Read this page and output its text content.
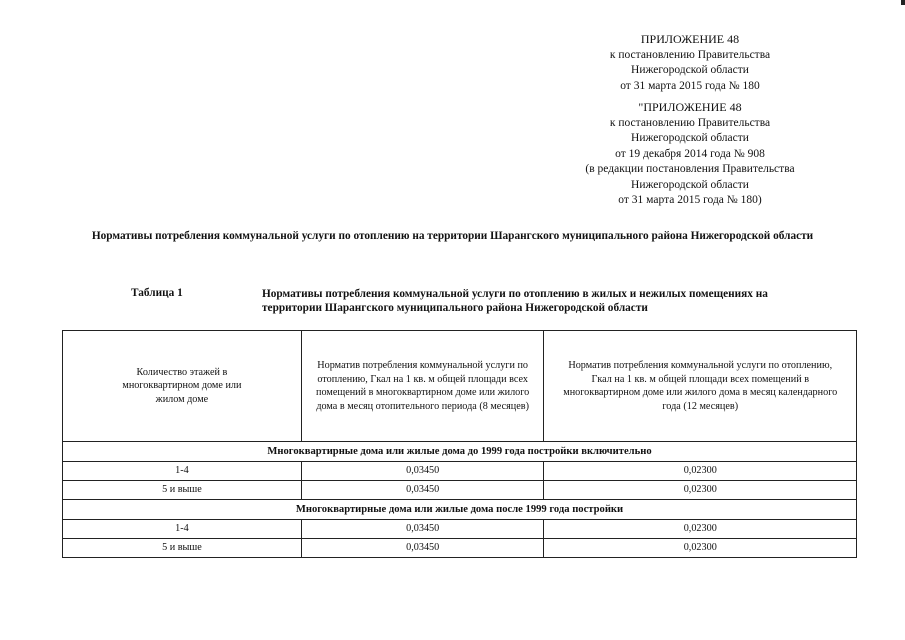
ПРИЛОЖЕНИЕ 48
к постановлению Правительства
Нижегородской области
от 31 марта 2015 года № 180
"ПРИЛОЖЕНИЕ 48
к постановлению Правительства
Нижегородской области
от 19 декабря 2014 года № 908
(в редакции постановления Правительства
Нижегородской области
от 31 марта 2015 года № 180)
Нормативы потребления коммунальной услуги по отоплению на территории Шарангского муниципального района Нижегородской области
Таблица 1	Нормативы потребления коммунальной услуги по отоплению в жилых и нежилых помещениях на территории Шарангского муниципального района Нижегородской области
Количество этажей в многоквартирном доме или жилом доме	Норматив потребления коммунальной услуги по отоплению, Гкал на 1 кв. м общей площади всех помещений в многоквартирном доме или жилого дома в месяц отопительного периода (8 месяцев)	Норматив потребления коммунальной услуги по отоплению, Гкал на 1 кв. м общей площади всех помещений в многоквартирном доме или жилого дома в месяц календарного года (12 месяцев)
Многоквартирные дома или жилые дома до 1999 года постройки включительно		
1-4	0,03450	0,02300
5 и выше	0,03450	0,02300
Многоквартирные дома или жилые дома после 1999 года постройки		
1-4	0,03450	0,02300
5 и выше	0,03450	0,02300
